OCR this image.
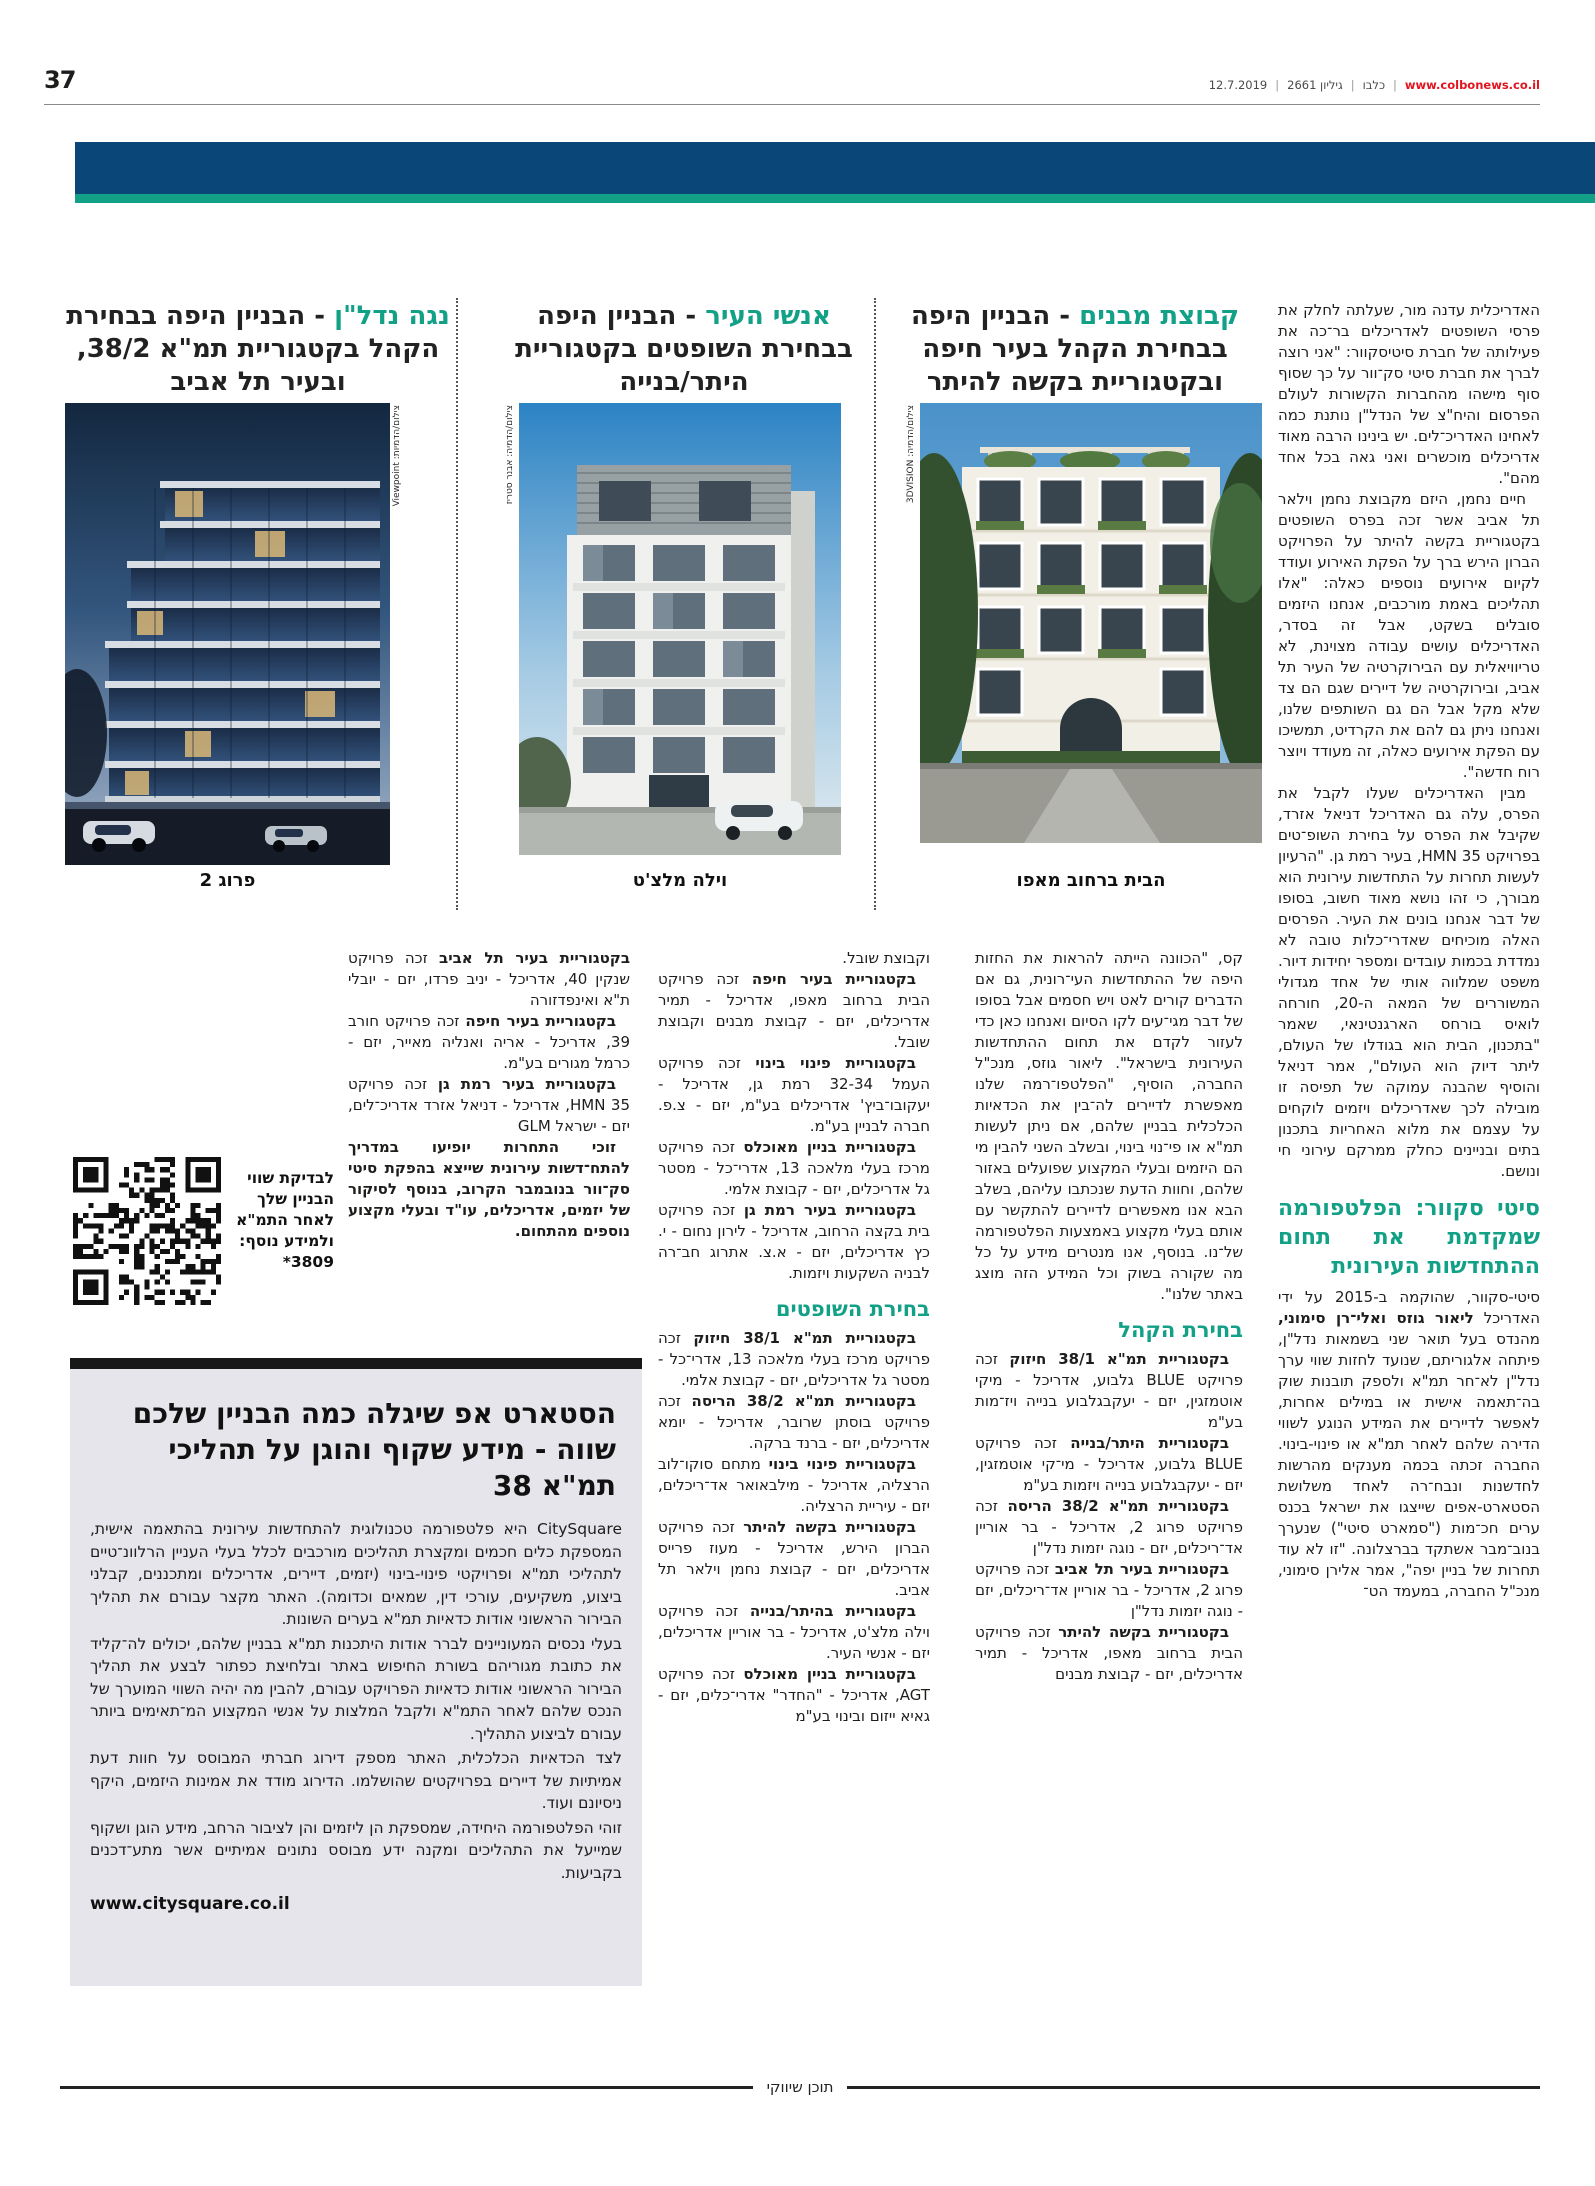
37	12.7.2019 | גיליון 2661 | כלבו | www.colbonews.co.il
קבוצת מבנים - הבניין היפה בבחירת הקהל בעיר חיפה ובקטגוריית בקשה להיתר
אנשי העיר - הבניין היפה בבחירת השופטים בקטגוריית היתר/בנייה
נגה נדל"ן - הבניין היפה בבחירת הקהל בקטגוריית תמ"א 38/2, ובעיר תל אביב
צילום/הדמיות: Viewpoint	צילום/הדמיה: אבנר סטריז	צילום/הדמיה: 3DVISION
פרוג 2	וילה מלצ'ט	הבית ברחוב מאפו

האדריכלית עדנה מור, שעלתה לחלק את פרסי השופטים לאדריכלים בר־כה את פעילותה של חברת סיטיסקוור: "אני רוצה לברך את חברת סיטי סק־וור על כך שסוף סוף מישהו מהחברות הקשורות לעולם הפרסום והיח"צ של הנדל"ן נותנת כמה לאחינו האדריכ־לים. יש בינינו הרבה מאוד אדריכלים מוכשרים ואני גאה בכל אחד מהם".

חיים נחמן, היזם מקבוצת נחמן וילאר תל אביב אשר זכה בפרס השופטים בקטגוריית בקשה להיתר על הפרויקט הברון הירש ברך על הפקת האירוע ועודד לקיום אירועים נוספים כאלה: "אלו תהליכים באמת מורכבים, אנחנו היזמים סובלים בשקט, אבל זה בסדר, האדריכלים עושים עבודה מצוינת, לא טריוויאלית עם הבירוקרטיה של העיר תל אביב, ובירוקרטיה של דיירים שגם הם צד שלא מקל אבל הם גם השותפים שלנו, ואנחנו ניתן גם להם את הקרדיט, תמשיכו עם הפקת אירועים כאלה, זה מעודד ויוצר רוח חדשה".

מבין האדריכלים שעלו לקבל את הפרס, עלה גם האדריכל דניאל אזרד, שקיבל את הפרס על בחירת השופ־טים בפרויקט HMN 35, בעיר רמת גן. "הרעיון לעשות תחרות על התחדשות עירונית הוא מבורך, כי זהו נושא מאוד חשוב, בסופו של דבר אנחנו בונים את העיר. הפרסים האלה מוכיחים שאדרי־כלות טובה לא נמדדת בכמות עובדים ומספר יחידות דיור. משפט שמלווה אותי של אחד מגדולי המשוררים של המאה ה-20, חורחה לואיס בורחס הארגנטינאי, שאמר "בתכנון, הבית הוא בגודלו של העולם, ליתר דיוק הוא העולם", אמר דניאל והוסיף שהבנה עמוקה של תפיסה זו מובילה לכך שאדריכלים ויזמים לוקחים על עצמם את מלוא האחריות בתכנון בתים ובניינים כחלק ממרקם עירוני חי ונושם.

סיטי סקוור: הפלטפורמה שמקדמת את תחום ההתחדשות העירונית

סיטי-סקוור, שהוקמה ב-2015 על ידי האדריכל ליאור גוזס ואלי־רן סימוני, מהנדס בעל תואר שני בשמאות נדל"ן, פיתחה אלגוריתם, שנועד לחזות שווי ערך נדל"ן לא־חר תמ"א ולספק תובנות שוק בה־תאמה אישית או במילים אחרות, לאפשר לדיירים את המידע הנוגע לשווי הדירה שלהם לאחר תמ"א או פינוי-בינוי. החברה זכתה בכמה מענקים מהרשות לחדשנות ונבח־רה לאחד משלושת הסטארט-אפים שייצגו את ישראל בכנס ערים חכ־מות ("סמארט סיטי") שנערך בנוב־מבר אשתקד בברצלונה. "זו לא עוד תחרות של בניין יפה", אמר אלירן סימוני, מנכ"ל החברה, במעמד הט־

קס, "הכוונה הייתה להראות את החזות היפה של ההתחדשות העי־רונית, גם אם הדברים קורים לאט ויש חסמים אבל בסופו של דבר מגי־עים לקו הסיום ואנחנו כאן כדי לעזור לקדם את תחום ההתחדשות העירונית בישראל". ליאור גוזס, מנכ"ל החברה, הוסיף, "הפלטפו־רמה שלנו מאפשרת לדיירים לה־בין את הכדאיות הכלכלית בבניין שלהם, אם ניתן לעשות תמ"א או פי־נוי בינוי, ובשלב השני להבין מי הם היזמים ובעלי המקצוע שפועלים באזור שלהם, וחוות הדעת שנכתבו עליהם, בשלב הבא אנו מאפשרים לדיירים להתקשר עם אותם בעלי מקצוע באמצעות הפלטפורמה של־נו. בנוסף, אנו מנטרים מידע על כל מה שקורה בשוק וכל המידע הזה מוצג באתר שלנו".

בחירת הקהל

בקטגוריית תמ"א 38/1 חיזוק זכה פרויקט BLUE גלבוע, אדריכל - מיקי אוטמזגין, יזם - יעקבגלבוע בנייה ויז־מות בע"מ

בקטגוריית היתר/בנייה זכה פרויקט BLUE גלבוע, אדריכל - מי־קי אוטמזגין, יזם - יעקבגלבוע בנייה ויזמות בע"מ

בקטגוריית תמ"א 38/2 הריסה זכה פרויקט פרוג 2, אדריכל - בר אוריין אד־ריכלים, יזם - נוגה יזמות נדל"ן

בקטגוריית בעיר תל אביב זכה פרויקט פרוג 2, אדריכל - בר אוריין אד־ריכלים, יזם - נוגה יזמות נדל"ן

בקטגוריית בקשה להיתר זכה פרויקט הבית ברחוב מאפו, אדריכל - תמיר אדריכלים, יזם - קבוצת מבנים

וקבוצת שובל.

בקטגוריית בעיר חיפה זכה פרויקט הבית ברחוב מאפו, אדריכל - תמיר אדריכלים, יזם - קבוצת מבנים וקבוצת שובל.

בקטגוריית פינוי בינוי זכה פרויקט העמל 32-34 רמת גן, אדריכל - יעקובו־ביץ' אדריכלים בע"מ, יזם - צ.פ. חברה לבניין בע"מ.

בקטגוריית בניין מאוכלס זכה פרויקט מרכז בעלי מלאכה 13, אדרי־כל - מסטר גל אדריכלים, יזם - קבוצת אלמי.

בקטגוריית בעיר רמת גן זכה פרויקט בית בקצה הרחוב, אדריכל - לירון נחום - י. כץ אדריכלים, יזם - א.צ. אתרוג חב־רה לבניה השקעות ויזמות.

בחירת השופטים

בקטגוריית תמ"א 38/1 חיזוק זכה פרויקט מרכז בעלי מלאכה 13, אדרי־כל - מסטר גל אדריכלים, יזם - קבוצת אלמי.

בקטגוריית תמ"א 38/2 הריסה זכה פרויקט בוסתן שרובר, אדריכל - יומא אדריכלים, יזם - ברנד ברקה.

בקטגוריית פינוי בינוי מתחם סוקו־לוב הרצליה, אדריכל - מילבאואר אד־ריכלים, יזם - עיריית הרצליה.

בקטגוריית בקשה להיתר זכה פרויקט הברון הירש, אדריכל - מעוז פרייס אדריכלים, יזם - קבוצת נחמן וילאר תל אביב.

בקטגוריית בהיתר/בנייה זכה פרויקט וילה מלצ'ט, אדריכל - בר אוריין אדריכלים, יזם - אנשי העיר.

בקטגוריית בניין מאוכלס זכה פרויקט AGT, אדריכל - "החדר" אדרי־כלים, יזם - גאיא ייזום ובינוי בע"מ

בקטגוריית בעיר תל אביב זכה פרויקט שנקין 40, אדריכל - יניב פרדו, יזם - יובלי ת"א ואינפדזורה

בקטגוריית בעיר חיפה זכה פרויקט חורב 39, אדריכל - אריה ואנליה מאייר, יזם - כרמל מגורים בע"מ.

בקטגוריית בעיר רמת גן זכה פרויקט HMN 35, אדריכל - דניאל אזרד אדריכ־לים, יזם - ישראל GLM

זוכי התחרות יופיעו במדריך להתח־דשות עירונית שייצא בהפקת סיטי סק־וור בנובמבר הקרוב, בנוסף לסיקור של יזמים, אדריכלים, עו"ד ובעלי מקצוע נוספים מהתחום.

לבדיקת שווי הבניין שלך לאחר התמ"א ולמידע נוסף: *3809
הסטארט אפ שיגלה כמה הבניין שלכם שווה - מידע שקוף והוגן על תהליכי תמ"א 38

CitySquare היא פלטפורמה טכנולוגית להתחדשות עירונית בהתאמה אישית, המספקת כלים חכמים ומקצרת תהליכים מורכבים לכלל בעלי העניין הרלוונ־טיים לתהליכי תמ"א ופרויקטי פינוי-בינוי (יזמים, דיירים, אדריכלים ומתכננים, קבלני ביצוע, משקיעים, עורכי דין, שמאים וכדומה). האתר מקצר עבורם את תהליך הבירור הראשוני אודות כדאיות תמ"א בערים השונות.

בעלי נכסים המעוניינים לברר אודות היתכנות תמ"א בבניין שלהם, יכולים לה־קליד את כתובת מגוריהם בשורת החיפוש באתר ובלחיצת כפתור לבצע את תהליך הבירור הראשוני אודות כדאיות הפרויקט עבורם, להבין מה יהיה השווי המוערך של הנכס שלהם לאחר התמ"א ולקבל המלצות על אנשי המקצוע המ־תאימים ביותר עבורם לביצוע התהליך.

לצד הכדאיות הכלכלית, האתר מספק דירוג חברתי המבוסס על חוות דעת אמיתיות של דיירים בפרויקטים שהושלמו. הדירוג מודד את אמינות היזמים, היקף ניסיונם ועוד.

זוהי הפלטפורמה היחידה, שמספקת הן ליזמים והן לציבור הרחב, מידע הוגן ושקוף שמייעל את התהליכים ומקנה ידע מבוסס נתונים אמיתיים אשר מתע־דכנים בקביעות.

www.citysquare.co.il
תוכן שיווקי
